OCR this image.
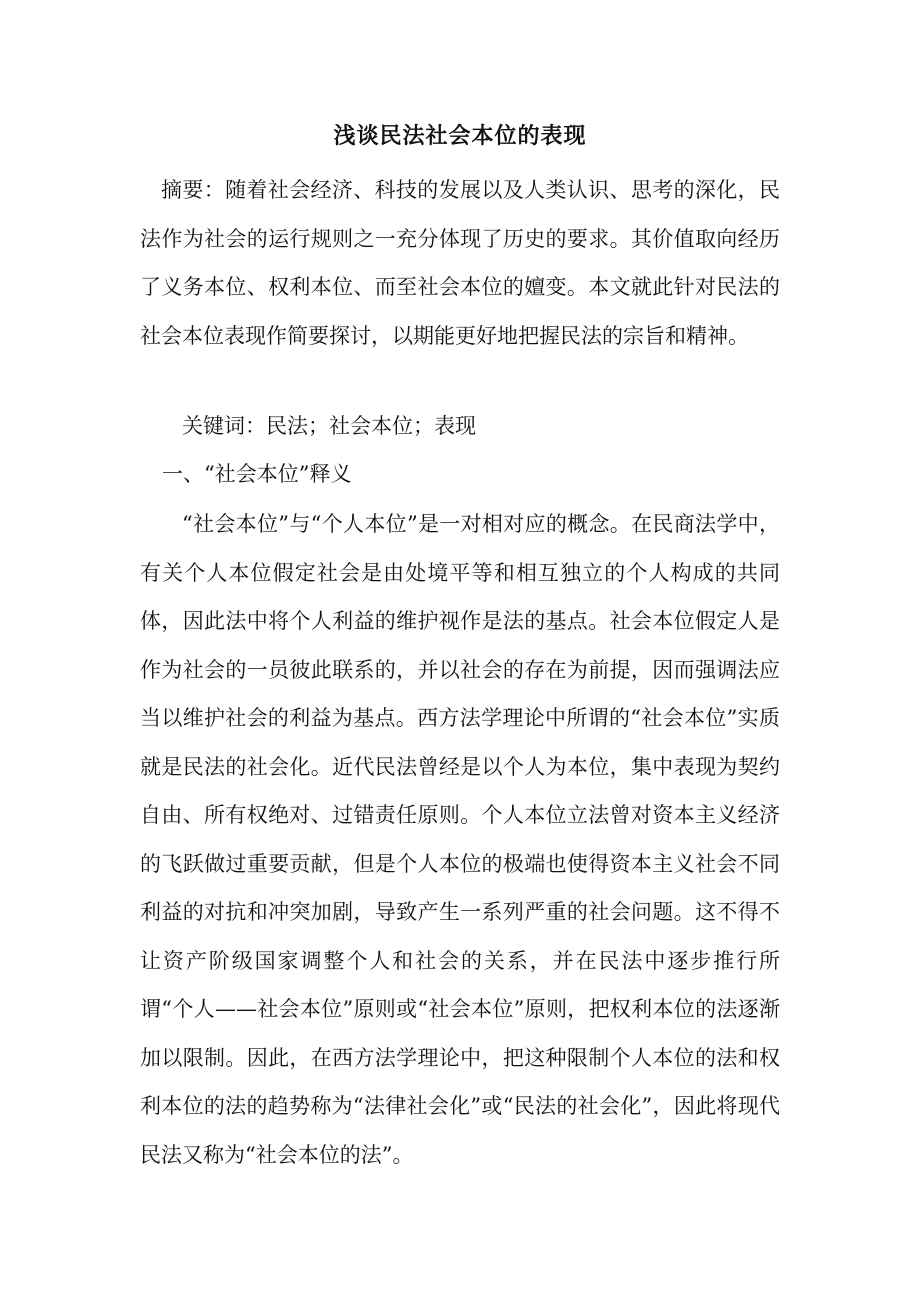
浅谈民法社会本位的表现

摘要：随着社会经济、科技的发展以及人类认识、思考的深化，民法作为社会的运行规则之一充分体现了历史的要求。其价值取向经历了义务本位、权利本位、而至社会本位的嬗变。本文就此针对民法的社会本位表现作简要探讨，以期能更好地把握民法的宗旨和精神。

关键词：民法；社会本位；表现
一、“社会本位”释义

“社会本位”与“个人本位”是一对相对应的概念。在民商法学中，有关个人本位假定社会是由处境平等和相互独立的个人构成的共同体，因此法中将个人利益的维护视作是法的基点。社会本位假定人是作为社会的一员彼此联系的，并以社会的存在为前提，因而强调法应当以维护社会的利益为基点。西方法学理论中所谓的“社会本位”实质就是民法的社会化。近代民法曾经是以个人为本位，集中表现为契约自由、所有权绝对、过错责任原则。个人本位立法曾对资本主义经济的飞跃做过重要贡献，但是个人本位的极端也使得资本主义社会不同利益的对抗和冲突加剧，导致产生一系列严重的社会问题。这不得不让资产阶级国家调整个人和社会的关系，并在民法中逐步推行所谓“个人——社会本位”原则或“社会本位”原则，把权利本位的法逐渐加以限制。因此，在西方法学理论中，把这种限制个人本位的法和权利本位的法的趋势称为“法律社会化”或“民法的社会化”，因此将现代民法又称为“社会本位的法”。
